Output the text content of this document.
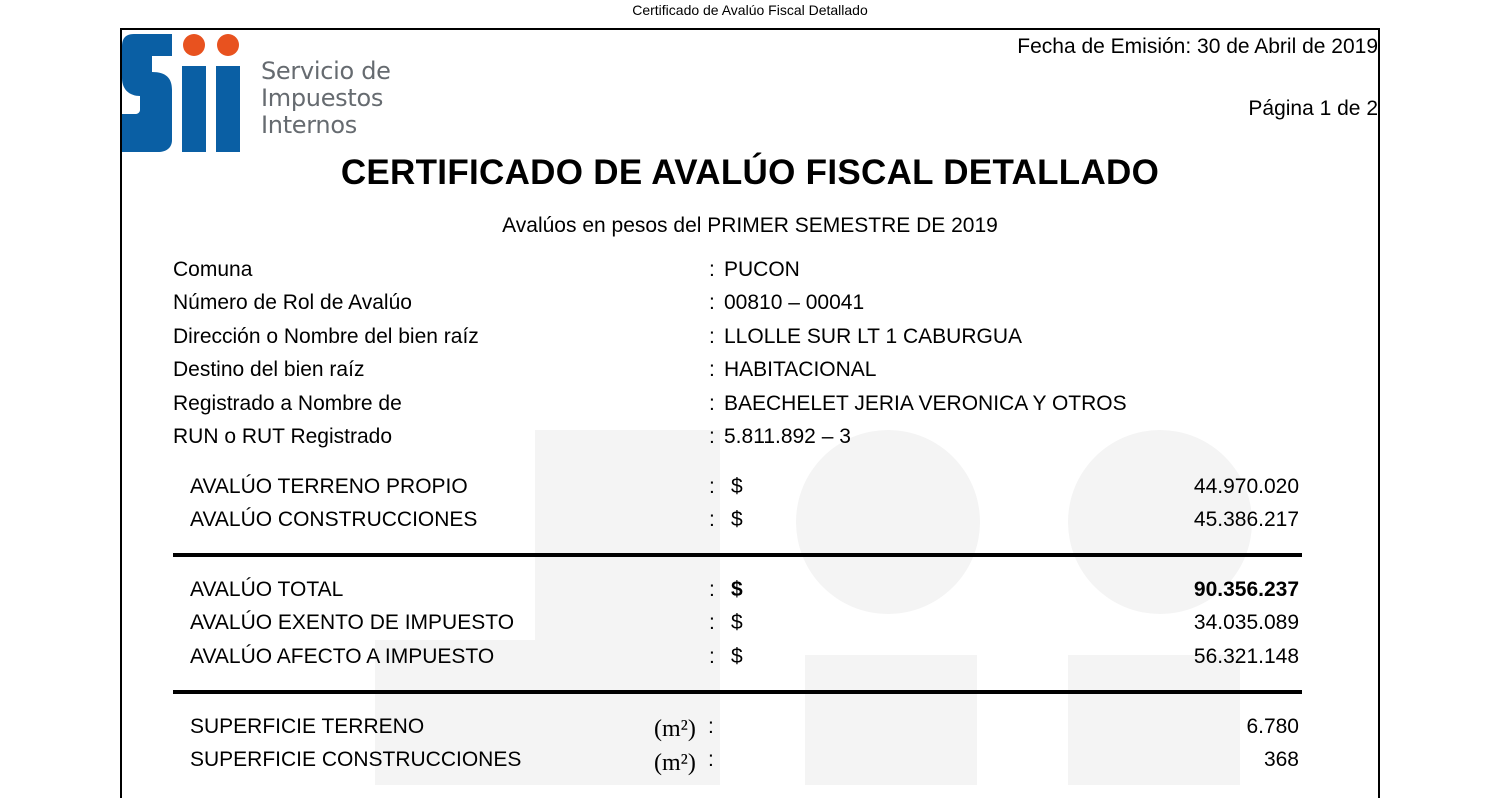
Certificado de Avalúo Fiscal Detallado
Servicio de
Impuestos
Internos
Fecha de Emisión: 30 de Abril de 2019
Página 1 de 2
CERTIFICADO DE AVALÚO FISCAL DETALLADO
Avalúos en pesos del PRIMER SEMESTRE DE 2019
Comuna	: PUCON
Número de Rol de Avalúo	: 00810 – 00041
Dirección o Nombre del bien raíz	: LLOLLE SUR LT 1 CABURGUA
Destino del bien raíz	: HABITACIONAL
Registrado a Nombre de	: BAECHELET JERIA VERONICA Y OTROS
RUN o RUT Registrado	: 5.811.892 – 3
AVALÚO TERRENO PROPIO	: $	44.970.020
AVALÚO CONSTRUCCIONES	: $	45.386.217
AVALÚO TOTAL	: $	90.356.237
AVALÚO EXENTO DE IMPUESTO	: $	34.035.089
AVALÚO AFECTO A IMPUESTO	: $	56.321.148
SUPERFICIE TERRENO	(m²) :	6.780
SUPERFICIE CONSTRUCCIONES	(m²) :	368
